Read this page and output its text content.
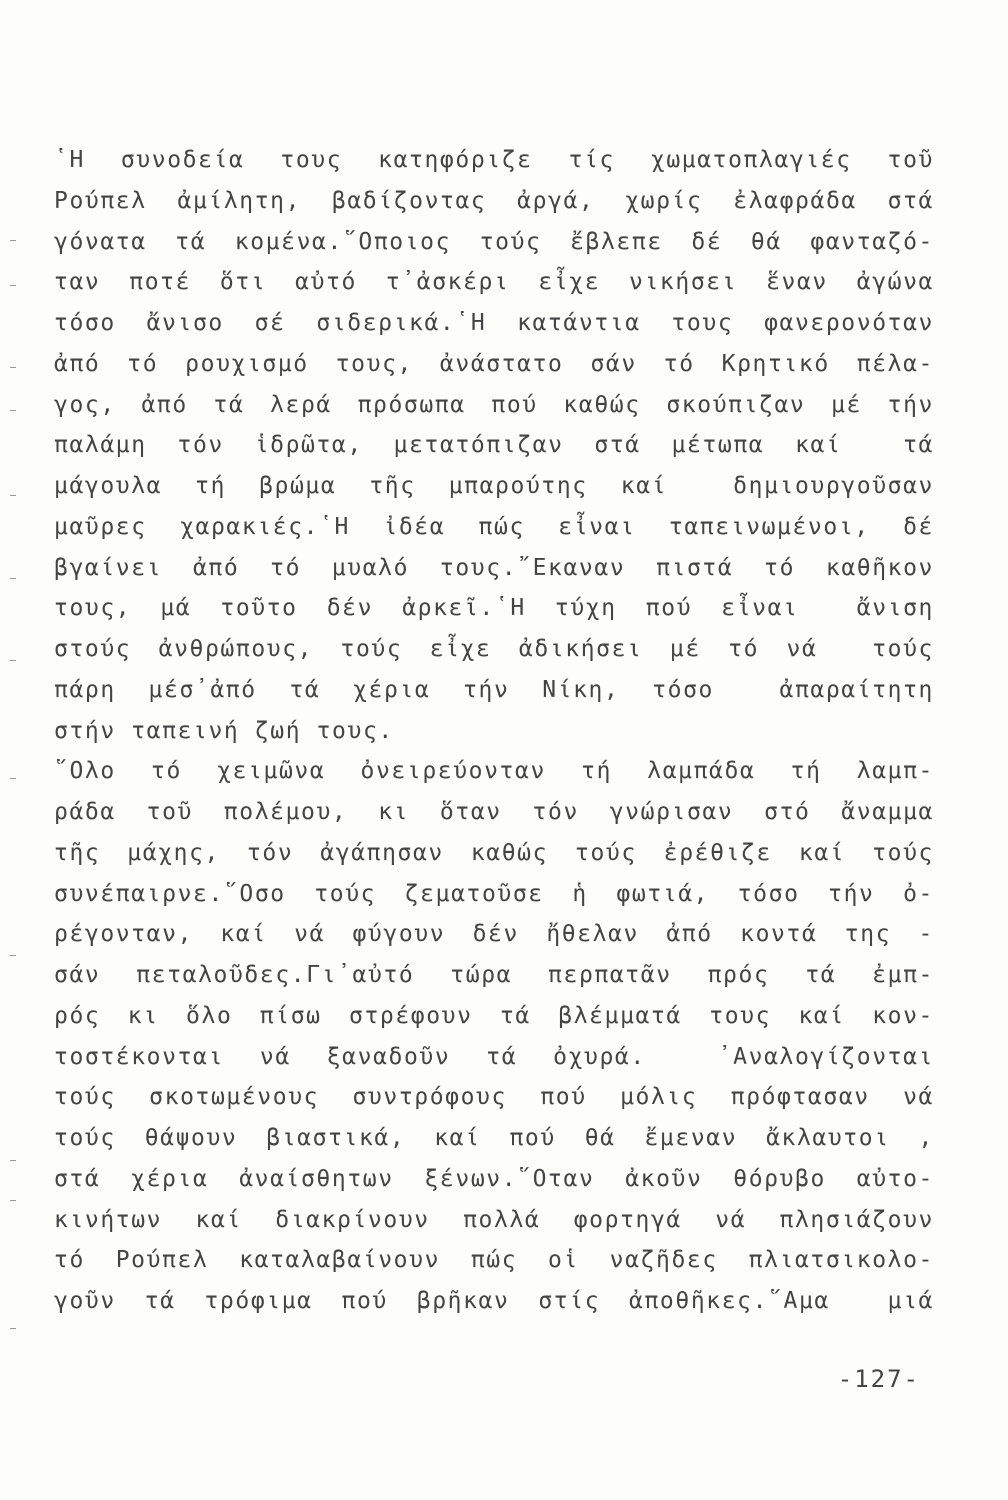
῾Η συνοδεία τους κατηφόριζε τίς χωματοπλαγιές τοῦ
Ρούπελ ἀμίλητη, βαδίζοντας ἀργά, χωρίς ἐλαφράδα στά
γόνατα τά κομένα.῞Οποιος τούς ἔβλεπε δέ θά φανταζό-
ταν ποτέ ὅτι αὐτό τ᾽ἀσκέρι εἶχε νικήσει ἕναν ἀγώνα
τόσο ἄνισο σέ σιδερικά.῾Η κατάντια τους φανερονόταν
ἀπό τό ρουχισμό τους, ἀνάστατο σάν τό Κρητικό πέλα-
γος, ἀπό τά λερά πρόσωπα πού καθώς σκούπιζαν μέ τήν
παλάμη τόν ἱδρῶτα, μετατόπιζαν στά μέτωπα καί  τά
μάγουλα τή βρώμα τῆς μπαρούτης καί  δημιουργοῦσαν
μαῦρες χαρακιές.῾Η ἰδέα πώς εἶναι ταπεινωμένοι, δέ
βγαίνει ἀπό τό μυαλό τους.῎Εκαναν πιστά τό καθῆκον
τους, μά τοῦτο δέν ἀρκεῖ.῾Η τύχη πού εἶναι  ἄνιση
στούς ἀνθρώπους, τούς εἶχε ἀδικήσει μέ τό νά  τούς
πάρη μέσ᾽ἀπό τά χέρια τήν Νίκη, τόσο  ἀπαραίτητη
στήν ταπεινή ζωή τους.
῞Ολο τό χειμῶνα ὀνειρεύονταν τή λαμπάδα τή λαμπ-
ράδα τοῦ πολέμου, κι ὅταν τόν γνώρισαν στό ἄναμμα
τῆς μάχης, τόν ἀγάπησαν καθώς τούς ἐρέθιζε καί τούς
συνέπαιρνε.῞Οσο τούς ζεματοῦσε ἡ φωτιά, τόσο τήν ὀ-
ρέγονταν, καί νά φύγουν δέν ἤθελαν ἀπό κοντά της -
σάν πεταλοῦδες.Γι᾽αὐτό τώρα περπατᾶν πρός τά ἐμπ-
ρός κι ὅλο πίσω στρέφουν τά βλέμματά τους καί κον-
τοστέκονται νά ξαναδοῦν τά ὀχυρά.  ᾽Αναλογίζονται
τούς σκοτωμένους συντρόφους πού μόλις πρόφτασαν νά
τούς θάψουν βιαστικά, καί πού θά ἔμεναν ἄκλαυτοι ,
στά χέρια ἀναίσθητων ξένων.῞Οταν ἀκοῦν θόρυβο αὐτο-
κινήτων καί διακρίνουν πολλά φορτηγά νά πλησιάζουν
τό Ρούπελ καταλαβαίνουν πώς οἱ ναζῆδες πλιατσικολο-
γοῦν τά τρόφιμα πού βρῆκαν στίς ἀποθῆκες.῞Αμα  μιά
-127-
